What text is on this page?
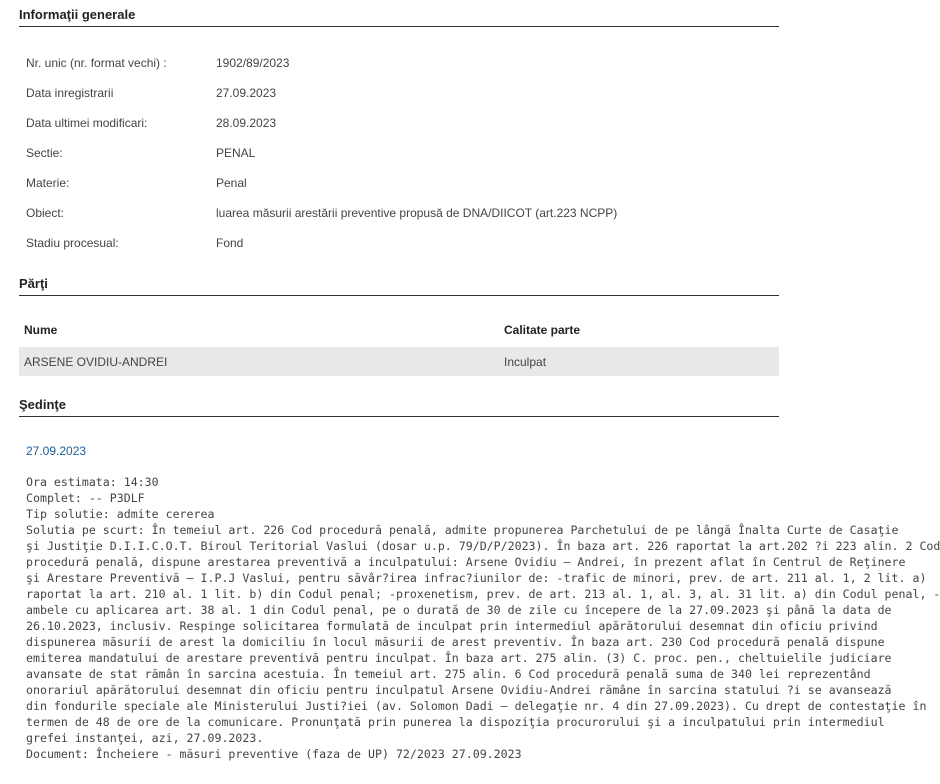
Informaţii generale
Nr. unic (nr. format vechi) :	1902/89/2023
Data inregistrarii	27.09.2023
Data ultimei modificari:	28.09.2023
Sectie:	PENAL
Materie:	Penal
Obiect:	luarea măsurii arestării preventive propusă de DNA/DIICOT (art.223 NCPP)
Stadiu procesual:	Fond
Părţi
Nume	Calitate parte
ARSENE OVIDIU-ANDREI	Inculpat
Şedinţe
27.09.2023
Ora estimata: 14:30
Complet: -- P3DLF
Tip solutie: admite cererea
Solutia pe scurt: În temeiul art. 226 Cod procedură penală, admite propunerea Parchetului de pe lângă Înalta Curte de Casaţie
şi Justiţie D.I.I.C.O.T. Biroul Teritorial Vaslui (dosar u.p. 79/D/P/2023). În baza art. 226 raportat la art.202 ?i 223 alin. 2 Cod
procedură penală, dispune arestarea preventivă a inculpatului: Arsene Ovidiu – Andrei, în prezent aflat în Centrul de Reţinere
şi Arestare Preventivă – I.P.J Vaslui, pentru săvâr?irea infrac?iunilor de: -trafic de minori, prev. de art. 211 al. 1, 2 lit. a)
raportat la art. 210 al. 1 lit. b) din Codul penal; -proxenetism, prev. de art. 213 al. 1, al. 3, al. 31 lit. a) din Codul penal, -
ambele cu aplicarea art. 38 al. 1 din Codul penal, pe o durată de 30 de zile cu începere de la 27.09.2023 şi până la data de
26.10.2023, inclusiv. Respinge solicitarea formulată de inculpat prin intermediul apărătorului desemnat din oficiu privind
dispunerea măsurii de arest la domiciliu în locul măsurii de arest preventiv. În baza art. 230 Cod procedură penală dispune
emiterea mandatului de arestare preventivă pentru inculpat. În baza art. 275 alin. (3) C. proc. pen., cheltuielile judiciare
avansate de stat rămân în sarcina acestuia. În temeiul art. 275 alin. 6 Cod procedură penală suma de 340 lei reprezentând
onorariul apărătorului desemnat din oficiu pentru inculpatul Arsene Ovidiu-Andrei rămâne în sarcina statului ?i se avansează
din fondurile speciale ale Ministerului Justi?iei (av. Solomon Dadi – delegaţie nr. 4 din 27.09.2023). Cu drept de contestaţie în
termen de 48 de ore de la comunicare. Pronunţată prin punerea la dispoziţia procurorului şi a inculpatului prin intermediul
grefei instanţei, azi, 27.09.2023.
Document: Încheiere - măsuri preventive (faza de UP) 72/2023 27.09.2023
